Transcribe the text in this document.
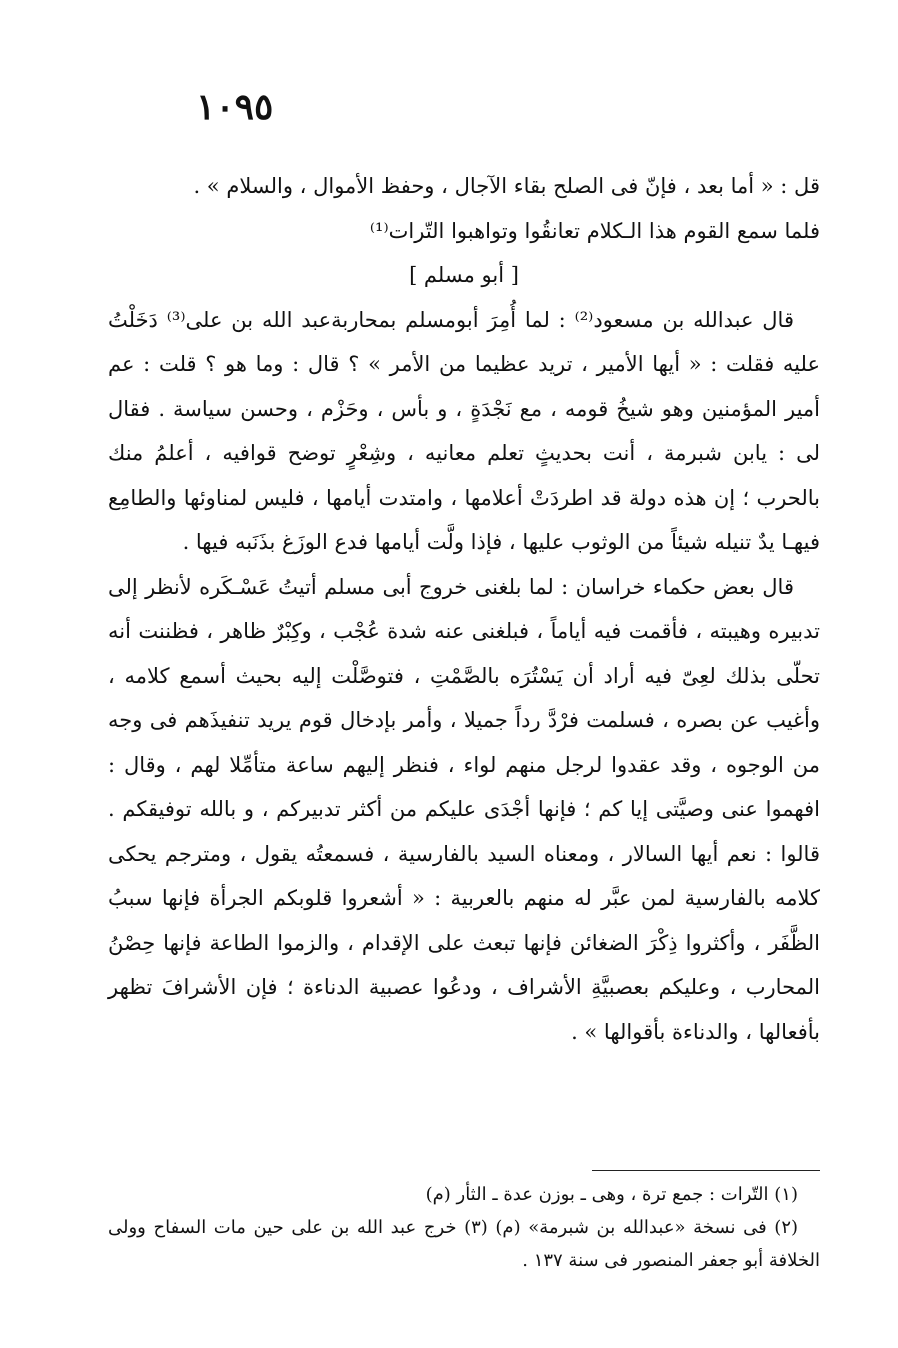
١٠٩٥

قل : « أما بعد ، فإنّ فى الصلح بقاء الآجال ، وحفظ الأموال ، والسلام » .

فلما سمع القوم هذا الـكلام تعانقُوا وتواهبوا التّرات⁽¹⁾

[ أبو مسلم ]

قال عبدالله بن مسعود⁽²⁾ : لما أُمِرَ أبومسلم بمحاربةعبد الله بن على⁽³⁾ دَخَلْتُ عليه فقلت : « أيها الأمير ، تريد عظيما من الأمر » ؟ قال : وما هو ؟ قلت : عم أمير المؤمنين وهو شيخُ قومه ، مع نَجْدَةٍ ، و بأس ، وحَزْم ، وحسن سياسة . فقال لى : يابن شبرمة ، أنت بحديثٍ تعلم معانيه ، وشِعْرٍ توضح قوافيه ، أعلمُ منك بالحرب ؛ إن هذه دولة قد اطردَتْ أعلامها ، وامتدت أيامها ، فليس لمناوئها والطامِع فيهـا يدٌ تنيله شيئاً من الوثوب عليها ، فإذا ولَّت أيامها فدع الوزَغ بذَنَبه فيها .

قال بعض حكماء خراسان : لما بلغنى خروج أبى مسلم أتيتُ عَسْـكَره لأنظر إلى تدبيره وهيبته ، فأقمت فيه أياماً ، فبلغنى عنه شدة عُجْب ، وكِبْرٌ ظاهر ، فظننت أنه تحلّى بذلك لعِىّ فيه أراد أن يَسْتُرَه بالصَّمْتِ ، فتوصَّلْت إليه بحيث أسمع كلامه ، وأغيب عن بصره ، فسلمت فرْدَّ رداً جميلا ، وأمر بإدخال قوم يريد تنفيذَهم فى وجه من الوجوه ، وقد عقدوا لرجل منهم لواء ، فنظر إليهم ساعة متأمِّلا لهم ، وقال : افهموا عنى وصيَّتى إيا كم ؛ فإنها أجْدَى عليكم من أكثر تدبيركم ، و بالله توفيقكم . قالوا : نعم أيها السالار ، ومعناه السيد بالفارسية ، فسمعتُه يقول ، ومترجم يحكى كلامه بالفارسية لمن عبَّر له منهم بالعربية : « أشعروا قلوبكم الجرأة فإنها سببُ الظَّفَر ، وأكثروا ذِكْرَ الضغائن فإنها تبعث على الإقدام ، والزموا الطاعة فإنها حِصْنُ المحارب ، وعليكم بعصبيَّةِ الأشراف ، ودعُوا عصبية الدناءة ؛ فإن الأشرافَ تظهر بأفعالها ، والدناءة بأقوالها » .

(١) التّرات : جمع ترة ، وهى ـ بوزن عدة ـ الثأر (م)

(٢) فى نسخة «عبدالله بن شبرمة» (م) (٣) خرج عبد الله بن على حين مات السفاح وولى الخلافة أبو جعفر المنصور فى سنة ١٣٧ .
